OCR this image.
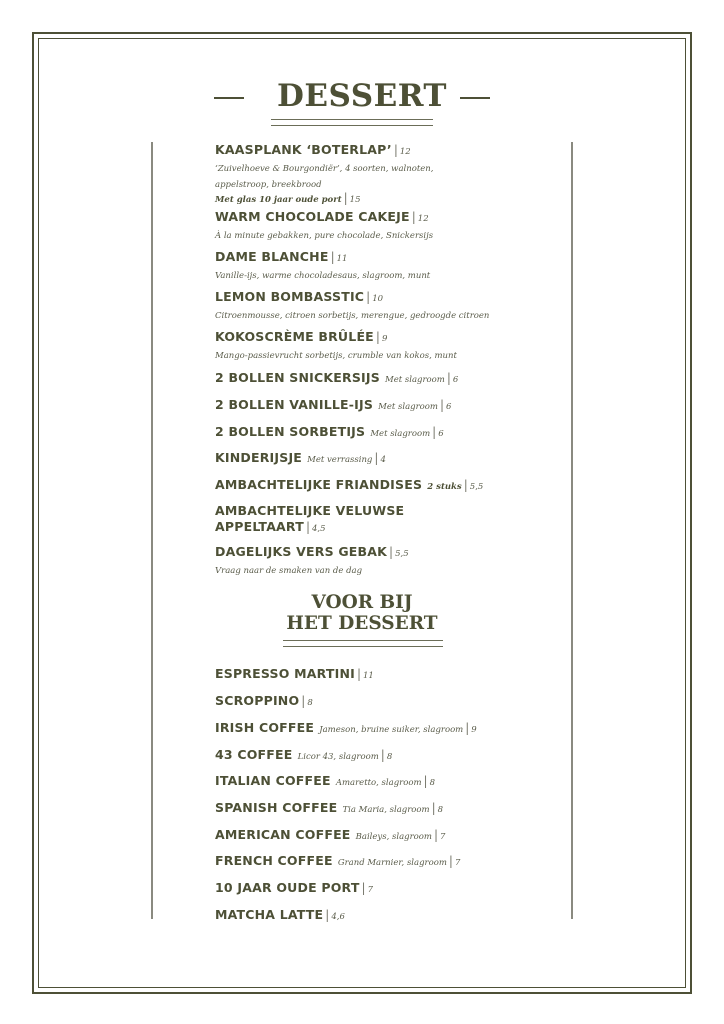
DESSERT
KAASPLANK ‘BOTERLAP’ | 12
‘Zuivelhoeve & Bourgondiër’, 4 soorten, walnoten,
appelstroop, breekbrood
Met glas 10 jaar oude port | 15
WARM CHOCOLADE CAKEJE | 12
À la minute gebakken, pure chocolade, Snickersijs
DAME BLANCHE | 11
Vanille-ijs, warme chocoladesaus, slagroom, munt
LEMON BOMBASSTIC | 10
Citroenmousse, citroen sorbetijs, merengue, gedroogde citroen
KOKOSCRÈME BRÛLÉE | 9
Mango-passievrucht sorbetijs, crumble van kokos, munt
2 BOLLEN SNICKERSIJS Met slagroom | 6
2 BOLLEN VANILLE-IJS Met slagroom | 6
2 BOLLEN SORBETIJS Met slagroom | 6
KINDERIJSJE Met verrassing | 4
AMBACHTELIJKE FRIANDISES 2 stuks | 5,5
AMBACHTELIJKE VELUWSE
APPELTAART | 4,5
DAGELIJKS VERS GEBAK | 5,5
Vraag naar de smaken van de dag
VOOR BIJ
HET DESSERT
ESPRESSO MARTINI | 11
SCROPPINO | 8
IRISH COFFEE Jameson, bruine suiker, slagroom | 9
43 COFFEE Licor 43, slagroom | 8
ITALIAN COFFEE Amaretto, slagroom | 8
SPANISH COFFEE Tia Maria, slagroom | 8
AMERICAN COFFEE Baileys, slagroom | 7
FRENCH COFFEE Grand Marnier, slagroom | 7
10 JAAR OUDE PORT | 7
MATCHA LATTE | 4,6
